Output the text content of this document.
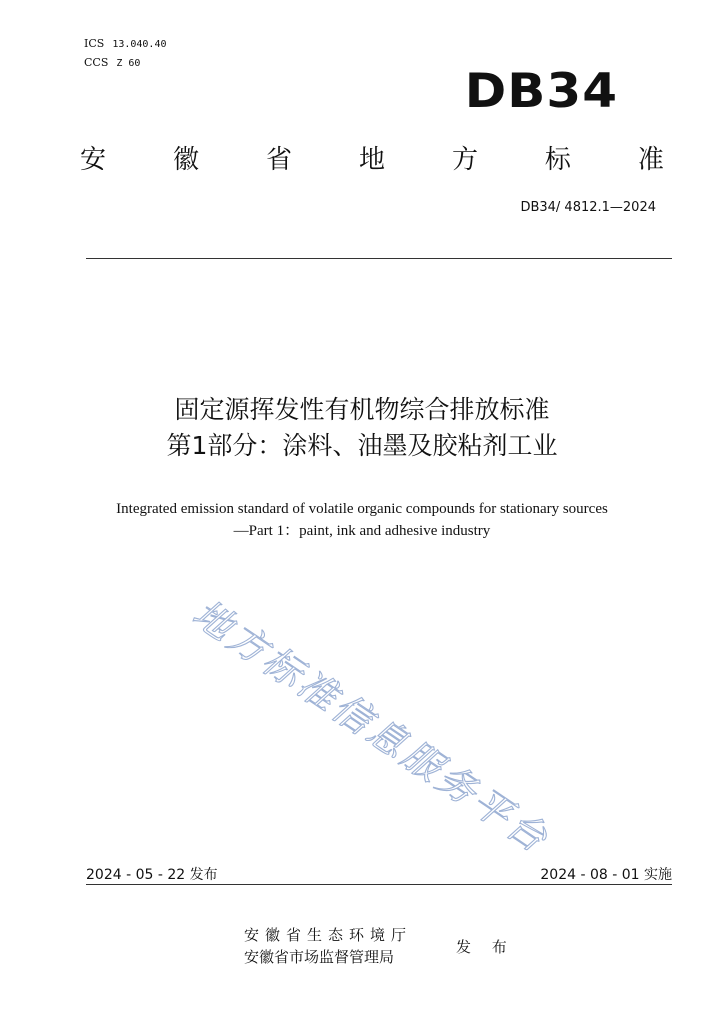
ICS 13.040.40
CCS Z 60	DB34
安	徽	省	地	方	标	准
DB34/ 4812.1—2024
固定源挥发性有机物综合排放标准
第1部分：涂料、油墨及胶粘剂工业
Integrated emission standard of volatile organic compounds for stationary sources
—Part 1：paint, ink and adhesive industry
地方标准信息服务平台
2024 - 05 - 22 发布	2024 - 08 - 01 实施
安徽省生态环境厅
安徽省市场监督管理局
发 布
